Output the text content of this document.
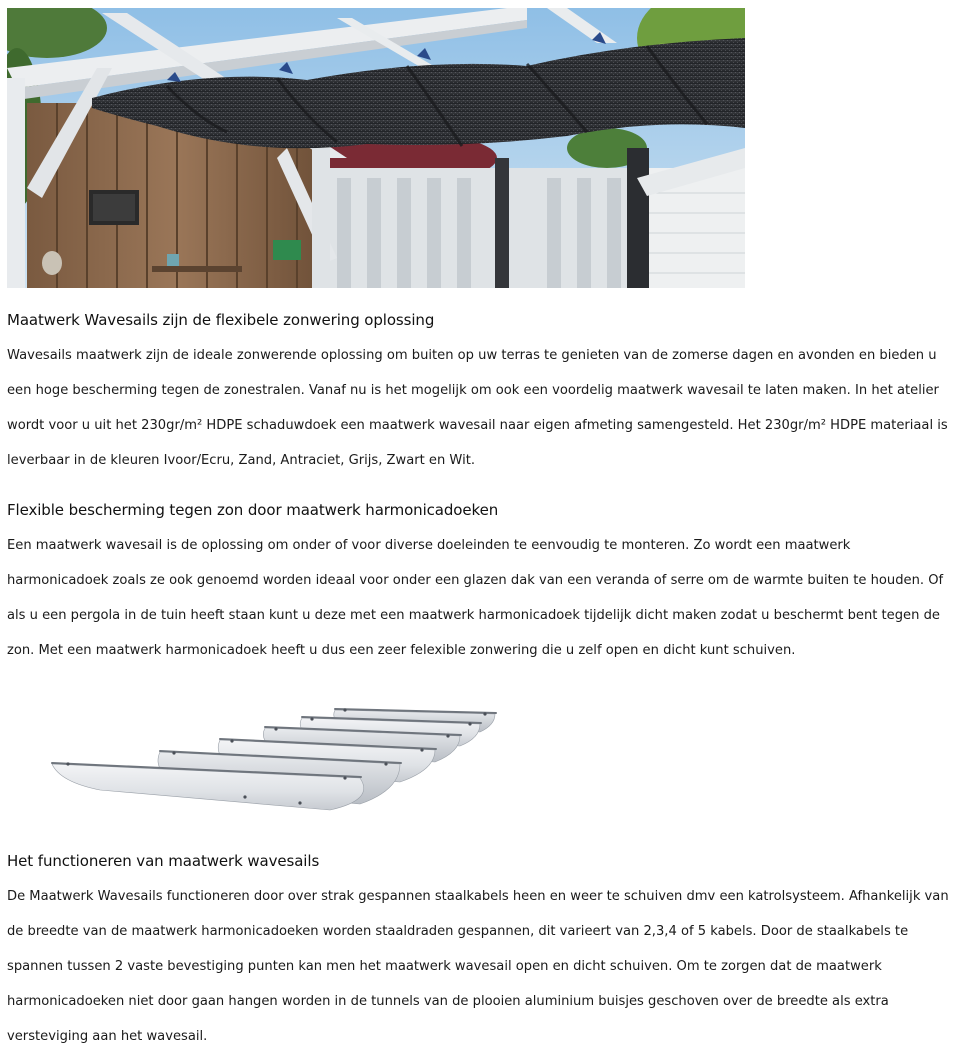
Maatwerk Wavesails zijn de flexibele zonwering oplossing

Wavesails maatwerk zijn de ideale zonwerende oplossing om buiten op uw terras te genieten van de zomerse dagen en avonden en bieden u een hoge bescherming tegen de zonestralen. Vanaf nu is het mogelijk om ook een voordelig maatwerk wavesail te laten maken. In het atelier wordt voor u uit het 230gr/m² HDPE schaduwdoek een maatwerk wavesail naar eigen afmeting samengesteld. Het 230gr/m² HDPE materiaal is leverbaar in de kleuren Ivoor/Ecru, Zand, Antraciet, Grijs, Zwart en Wit.

Flexible bescherming tegen zon door maatwerk harmonicadoeken

Een maatwerk wavesail is de oplossing om onder of voor diverse doeleinden te eenvoudig te monteren. Zo wordt een maatwerk harmonicadoek zoals ze ook genoemd worden ideaal voor onder een glazen dak van een veranda of serre om de warmte buiten te houden. Of als u een pergola in de tuin heeft staan kunt u deze met een maatwerk harmonicadoek tijdelijk dicht maken zodat u beschermt bent tegen de zon. Met een maatwerk harmonicadoek heeft u dus een zeer felexible zonwering die u zelf open en dicht kunt schuiven.

Het functioneren van maatwerk wavesails

De Maatwerk Wavesails functioneren door over strak gespannen staalkabels heen en weer te schuiven dmv een katrolsysteem. Afhankelijk van de breedte van de maatwerk harmonicadoeken worden staaldraden gespannen, dit varieert van 2,3,4 of 5 kabels. Door de staalkabels te spannen tussen 2 vaste bevestiging punten kan men het maatwerk wavesail open en dicht schuiven. Om te zorgen dat de maatwerk harmonicadoeken niet door gaan hangen worden in de tunnels van de plooien aluminium buisjes geschoven over de breedte als extra versteviging aan het wavesail.
